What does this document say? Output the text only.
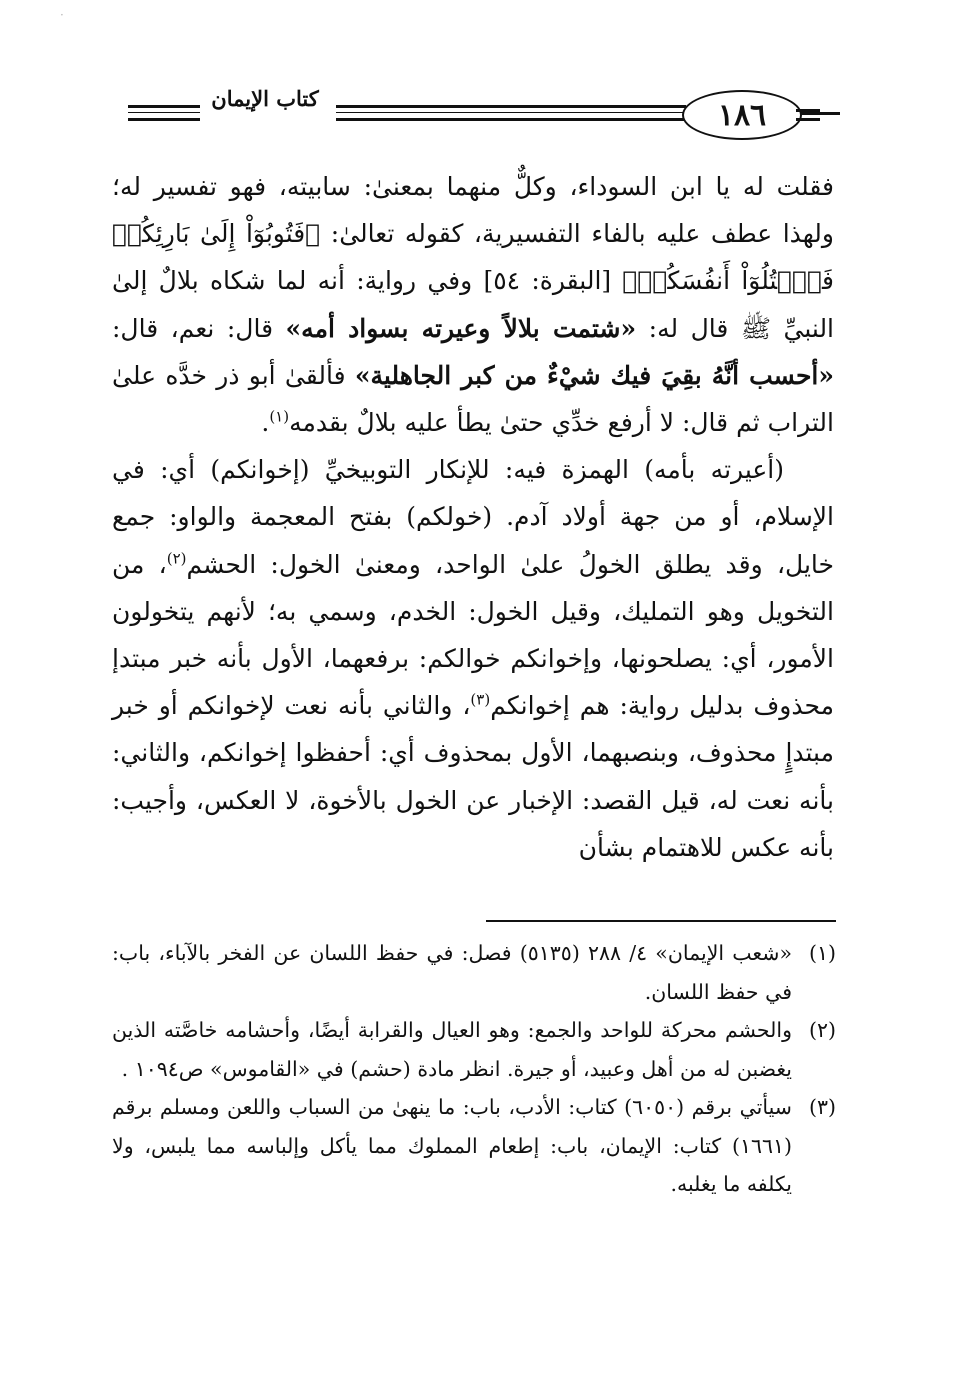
·
١٨٦
كتاب الإيمان

فقلت له يا ابن السوداء، وكلٌّ منهما بمعنىٰ: سابيته، فهو تفسير له؛ ولهذا عطف عليه بالفاء التفسيرية، كقوله تعالىٰ: ﴿فَتُوبُوٓاْ إِلَىٰ بَارِئِكُمۡ فَٱقۡتُلُوٓاْ أَنفُسَكُمۡ﴾ [البقرة: ٥٤] وفي رواية: أنه لما شكاه بلالٌ إلىٰ النبيِّ ﷺ قال له: «شتمت بلالاً وعيرته بسواد أمه» قال: نعم، قال: «أحسب أنَّهُ بقِيَ فيك شيْءٌ من كبر الجاهلية» فألقىٰ أبو ذر خدَّه علىٰ التراب ثم قال: لا أرفع خدِّي حتىٰ يطأ عليه بلالٌ بقدمه$^{(١)}$.

(أعيرته بأمه) الهمزة فيه: للإنكار التوبيخيِّ (إخوانكم) أي: في الإسلام، أو من جهة أولاد آدم. (خولكم) بفتح المعجمة والواو: جمع خايل، وقد يطلق الخولُ علىٰ الواحد، ومعنىٰ الخول: الحشم$^{(٢)}$، من التخويل وهو التمليك، وقيل الخول: الخدم، وسمي به؛ لأنهم يتخولون الأمور، أي: يصلحونها، وإخوانكم خوالكم: برفعهما، الأول بأنه خبر مبتدإ محذوف بدليل رواية: هم إخوانكم$^{(٣)}$، والثاني بأنه نعت لإخوانكم أو خبر مبتدإٍ محذوف، وبنصبهما، الأول بمحذوف أي: أحفظوا إخوانكم، والثاني: بأنه نعت له، قيل القصد: الإخبار عن الخول بالأخوة، لا العكس، وأجيب: بأنه عكس للاهتمام بشأن

(١)
«شعب الإيمان» ٤/ ٢٨٨ (٥١٣٥) فصل: في حفظ اللسان عن الفخر بالآباء، باب: في حفظ اللسان.
(٢)
والحشم محركة للواحد والجمع: وهو العيال والقرابة أيضًا، وأحشامه خاصَّته الذين يغضبن له من أهل وعبيد، أو جيرة. انظر مادة (حشم) في «القاموس» ص١٠٩٤ .
(٣)
سيأتي برقم (٦٠٥٠) كتاب: الأدب، باب: ما ينهىٰ من السباب واللعن ومسلم برقم (١٦٦١) كتاب: الإيمان، باب: إطعام المملوك مما يأكل وإلباسه مما يلبس، ولا يكلفه ما يغلبه.
